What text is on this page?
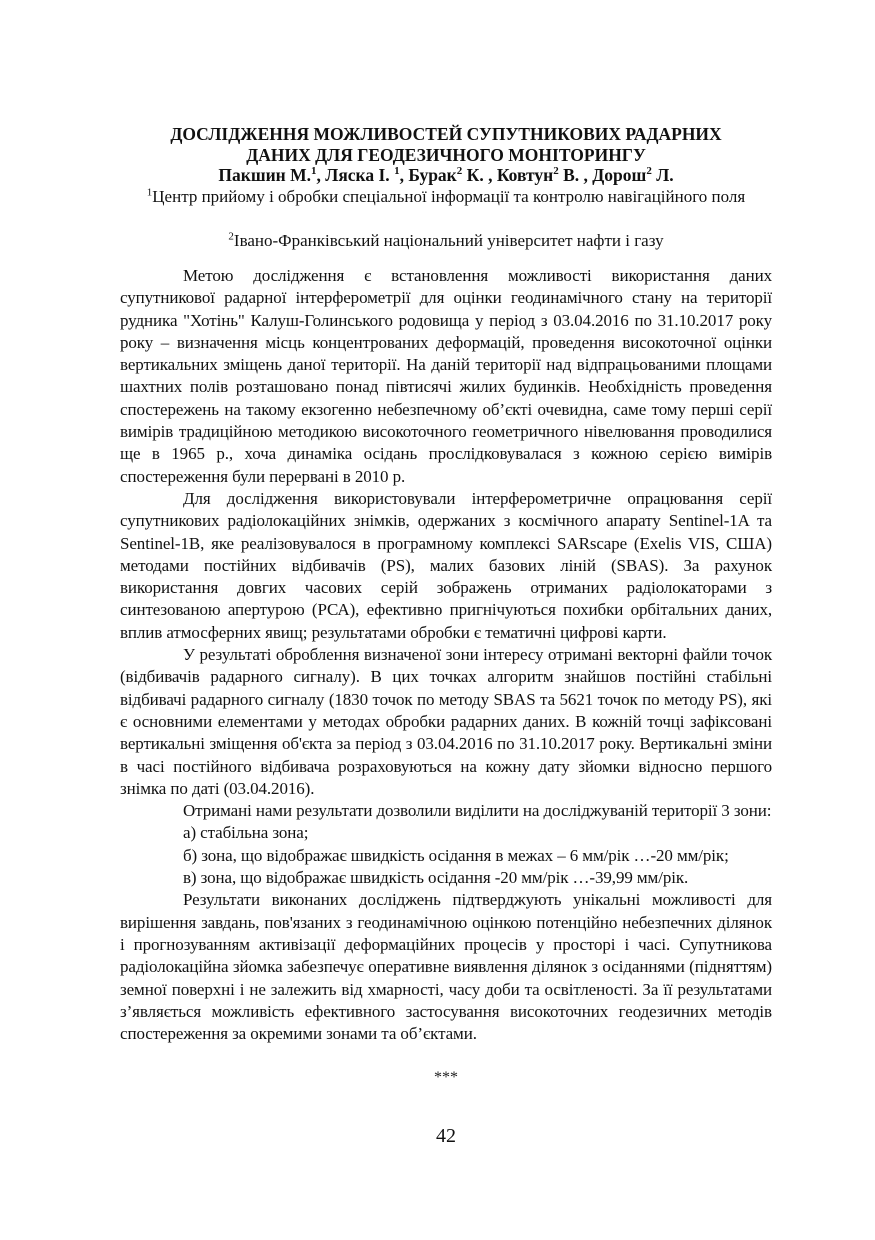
ДОСЛІДЖЕННЯ МОЖЛИВОСТЕЙ СУПУТНИКОВИХ РАДАРНИХ
ДАНИХ ДЛЯ ГЕОДЕЗИЧНОГО МОНІТОРИНГУ
Пакшин М.$^1$, Ляска І. $^1$, Бурак$^2$ К. , Ковтун$^2$ В. , Дорош$^2$ Л.
$^1$Центр прийому і обробки спеціальної інформації та контролю навігаційного поля
$^2$Івано-Франківський національний університет нафти і газу

Метою дослідження є встановлення можливості використання даних супутникової радарної інтерферометрії для оцінки геодинамічного стану на території рудника "Хотінь" Калуш-Голинського родовища у період з 03.04.2016 по 31.10.2017 року року – визначення місць концентрованих деформацій, проведення високоточної оцінки вертикальних зміщень даної території. На даній території над відпрацьованими площами шахтних полів розташовано понад півтисячі жилих будинків. Необхідність проведення спостережень на такому екзогенно небезпечному об’єкті очевидна, саме тому перші серії вимірів традиційною методикою високоточного геометричного нівелювання проводилися ще в 1965 р., хоча динаміка осідань прослідковувалася з кожною серією вимірів спостереження були перервані в 2010 р.

Для дослідження використовували інтерферометричне опрацювання серії супутникових радіолокаційних знімків, одержаних з космічного апарату Sentinel-1A та Sentinel-1B, яке реалізовувалося в програмному комплексі SARscape (Exelis VIS, США) методами постійних відбивачів (PS), малих базових ліній (SBAS). За рахунок використання довгих часових серій зображень отриманих радіолокаторами з синтезованою апертурою (РСА), ефективно пригнічуються похибки орбітальних даних, вплив атмосферних явищ; результатами обробки є тематичні цифрові карти.

У результаті оброблення визначеної зони інтересу отримані векторні файли точок (відбивачів радарного сигналу). В цих точках алгоритм знайшов постійні стабільні відбивачі радарного сигналу (1830 точок по методу SBAS та 5621 точок по методу PS), які є основними елементами у методах обробки радарних даних. В кожній точці зафіксовані вертикальні зміщення об'єкта за період з 03.04.2016 по 31.10.2017 року. Вертикальні зміни в часі постійного відбивача розраховуються на кожну дату зйомки відносно першого знімка по даті (03.04.2016).

Отримані нами результати дозволили виділити на досліджуваній території 3 зони:

а) стабільна зона;

б) зона, що відображає швидкість осідання в межах – 6 мм/рік …-20 мм/рік;

в) зона, що відображає швидкість осідання -20 мм/рік …-39,99 мм/рік.

Результати виконаних досліджень підтверджують унікальні можливості для вирішення завдань, пов'язаних з геодинамічною оцінкою потенційно небезпечних ділянок і прогнозуванням активізації деформаційних процесів у просторі і часі. Супутникова радіолокаційна зйомка забезпечує оперативне виявлення ділянок з осіданнями (підняттям) земної поверхні і не залежить від хмарності, часу доби та освітленості. За її результатами з’являється можливість ефективного застосування високоточних геодезичних методів спостереження за окремими зонами та об’єктами.

***
42
